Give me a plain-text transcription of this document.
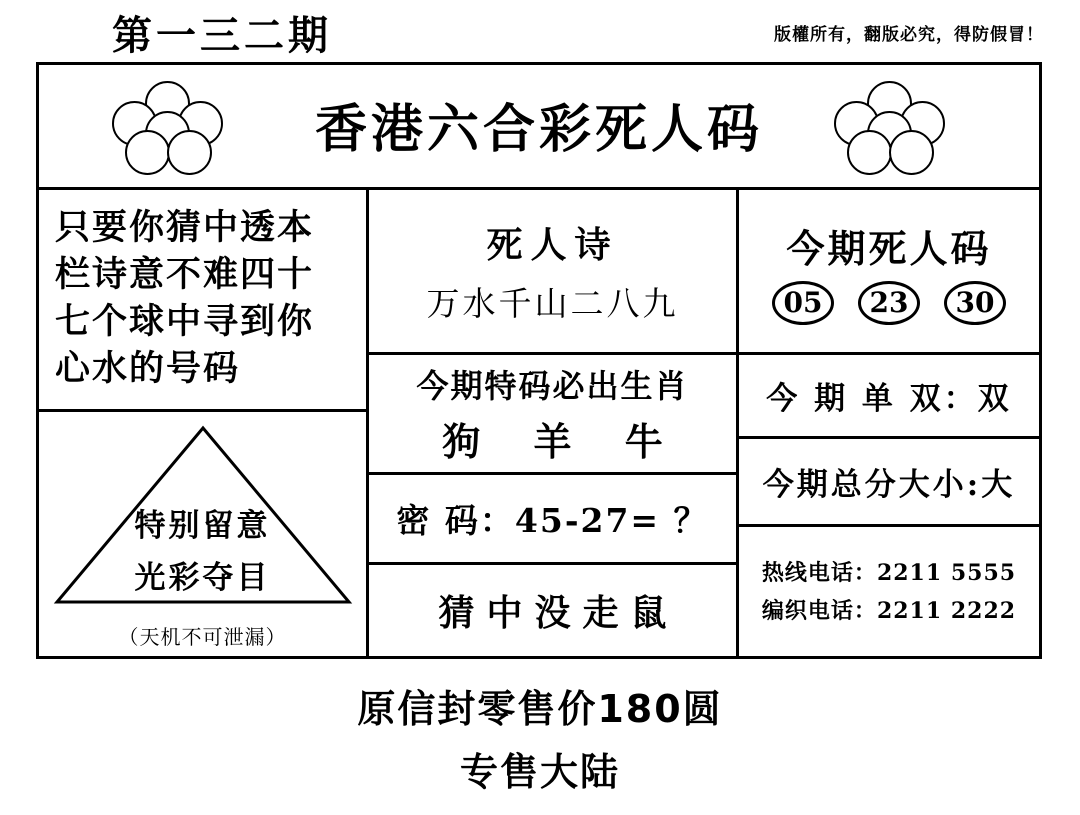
第一三二期	版權所有，翻版必究，得防假冒！
香港六合彩死人码
只要你猜中透本栏诗意不难四十七个球中寻到你心水的号码
特别留意
光彩夺目
（天机不可泄漏）
死人诗
万水千山二八九
今期特码必出生肖
狗 羊 牛
密 码：45-27= ？
猜中没走鼠
今期死人码
05	23	30
今 期 单 双：双
今期总分大小:大
热线电话：2211 5555
编织电话：2211 2222
原信封零售价180圆
专售大陆
